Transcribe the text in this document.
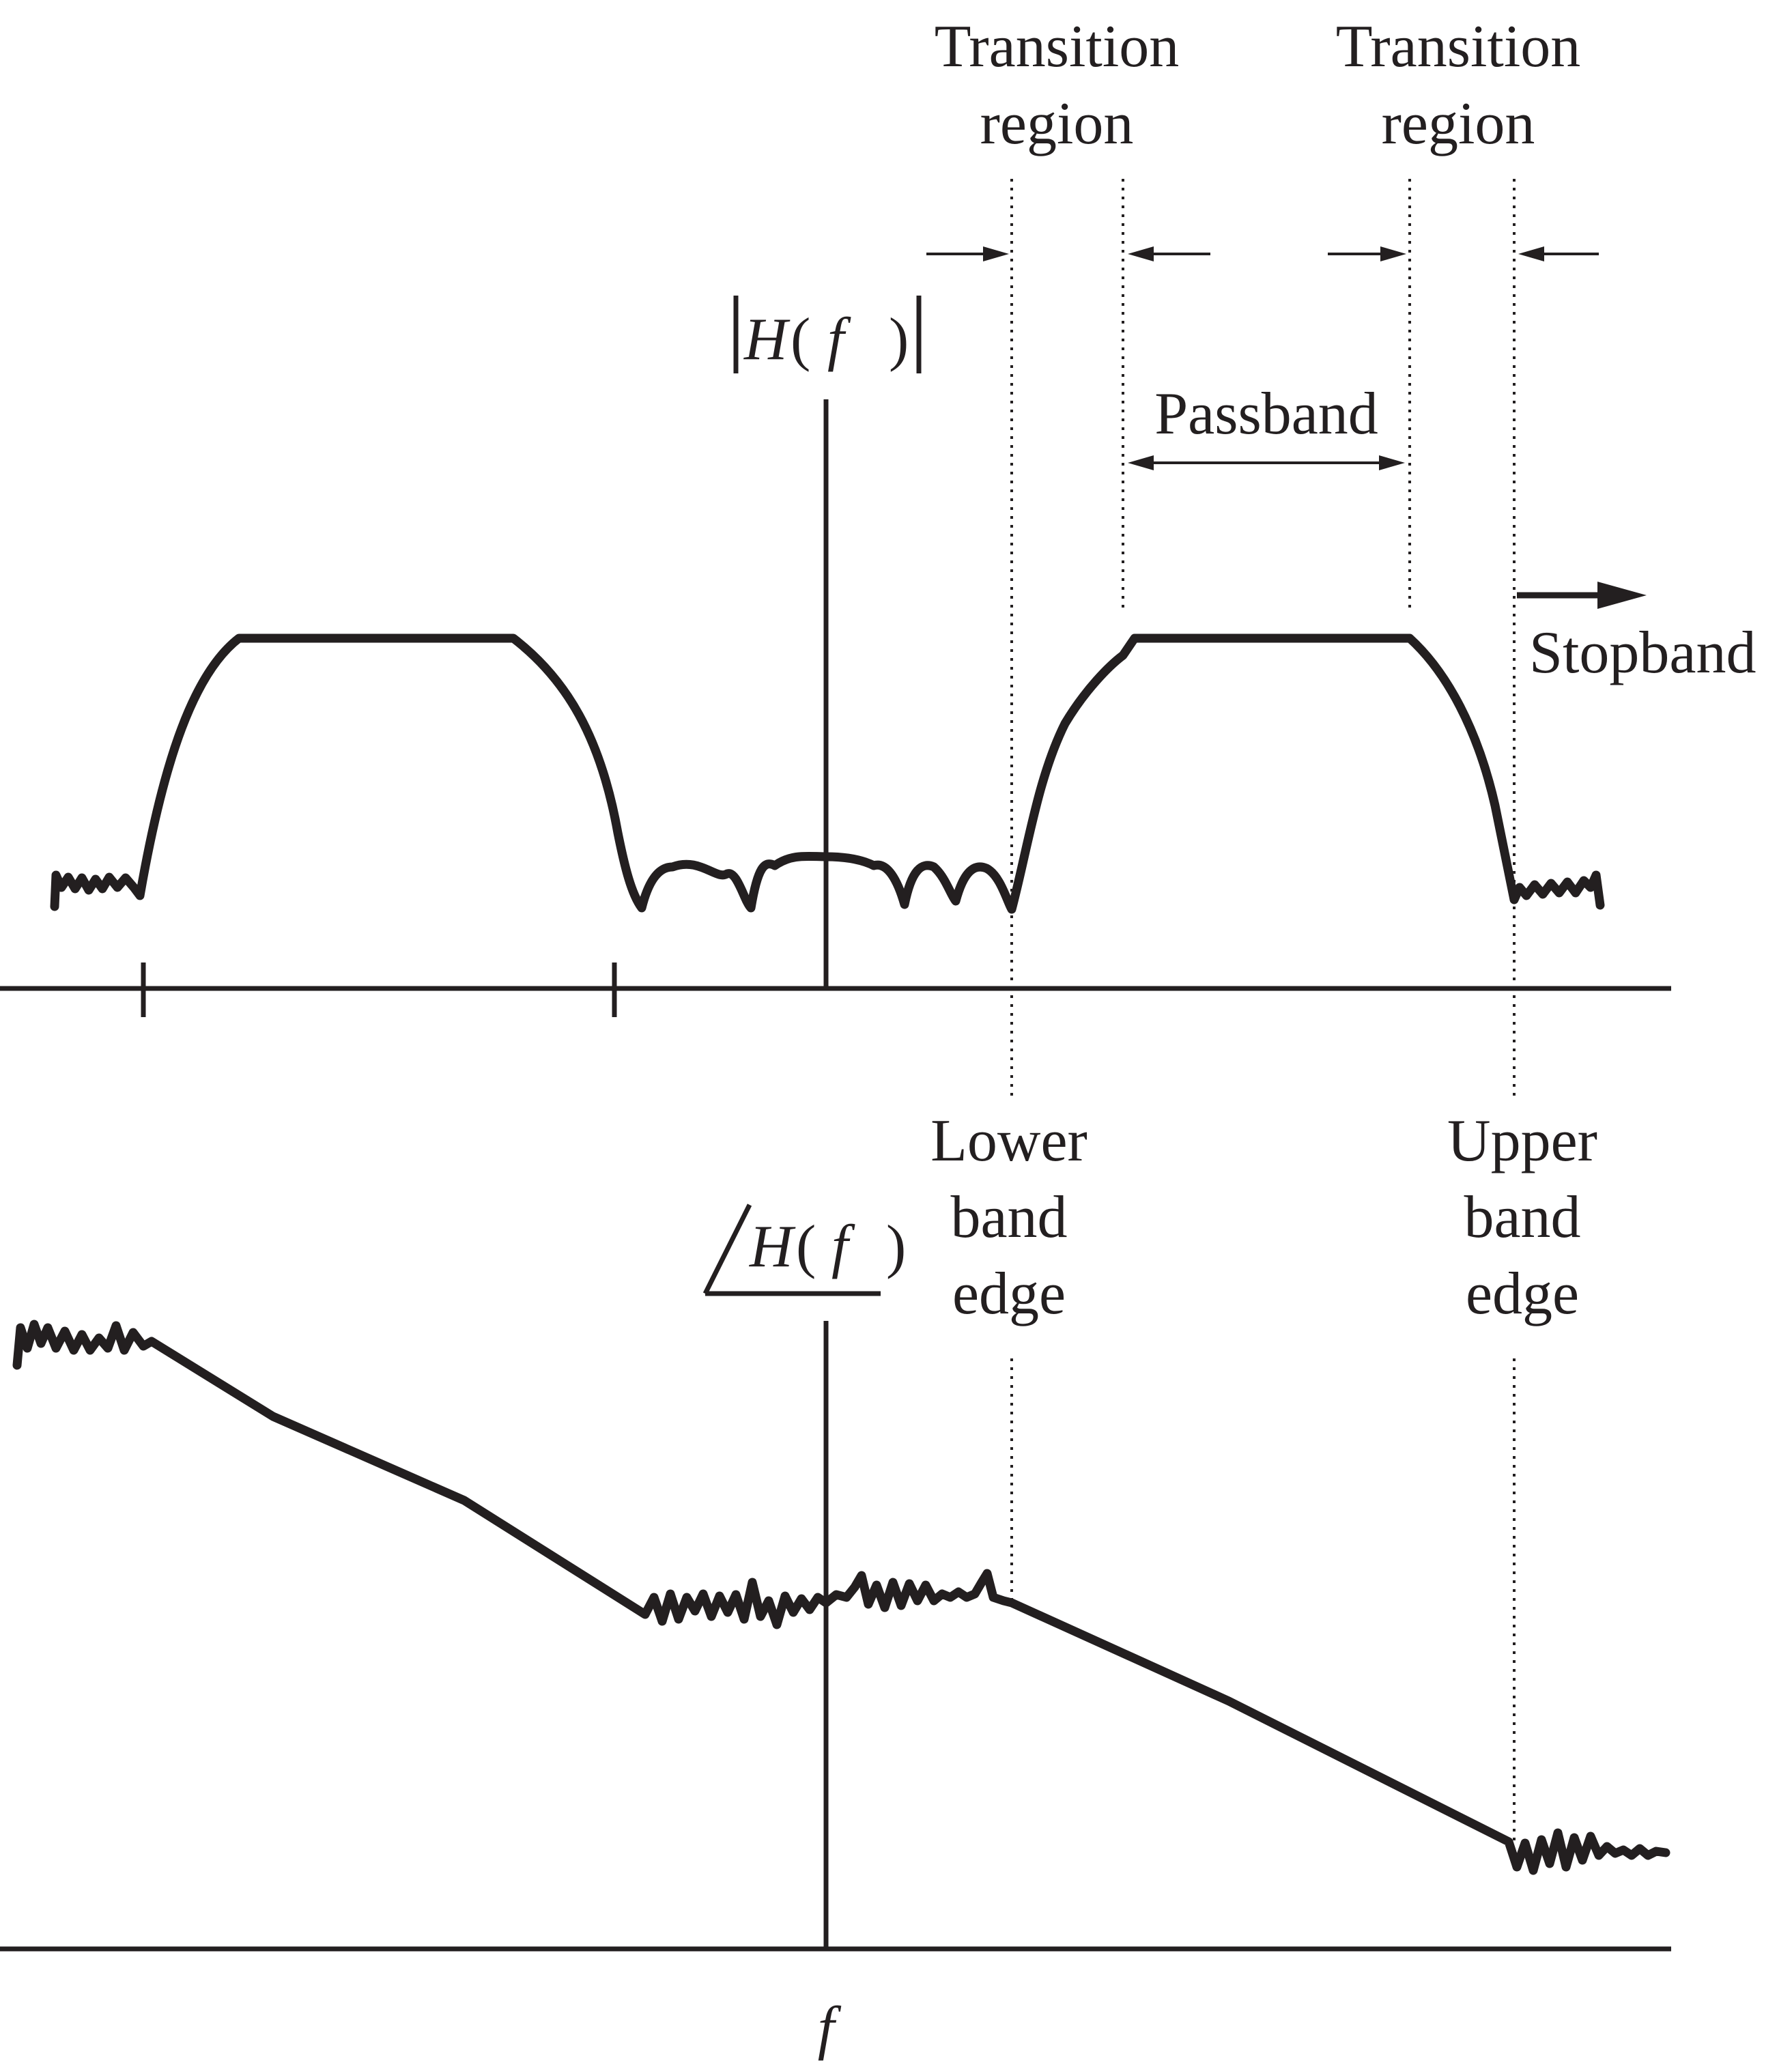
Transition
region
Transition
region
H ( f )
Passband
Stopband
Lower
band
edge
Upper
band
edge
H ( f )
f
